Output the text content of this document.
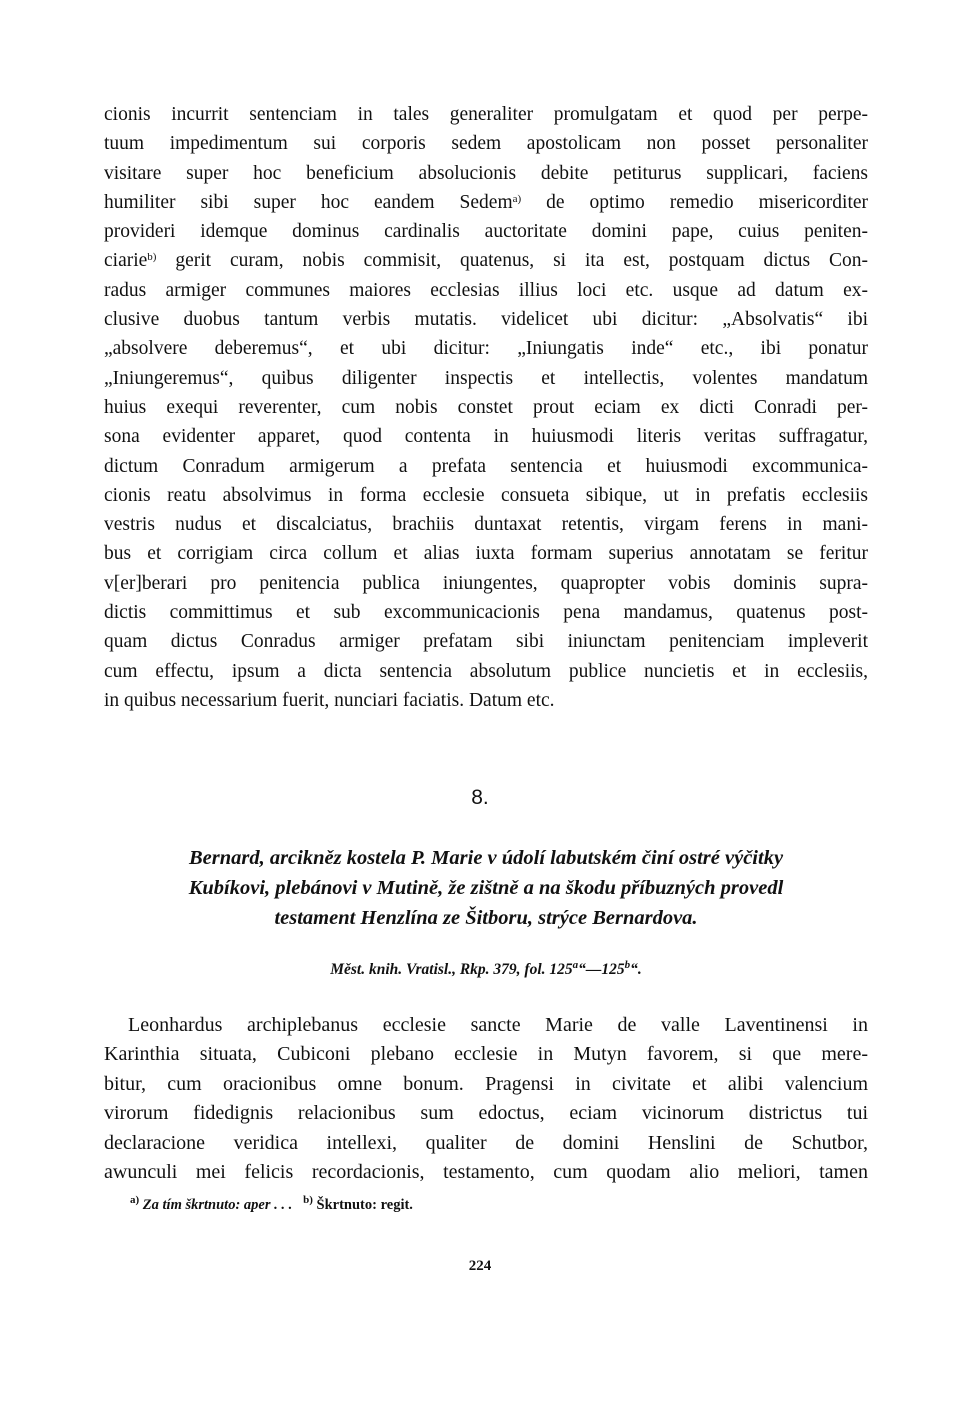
cionis incurrit sentenciam in tales generaliter promulgatam et quod per perpe-
tuum impedimentum sui corporis sedem apostolicam non posset personaliter
visitare super hoc beneficium absolucionis debite petiturus supplicari, faciens
humiliter sibi super hoc eandem Sedem$^{a)}$ de optimo remedio misericorditer
provideri idemque dominus cardinalis auctoritate domini pape, cuius peniten-
ciarie$^{b)}$ gerit curam, nobis commisit, quatenus, si ita est, postquam dictus Con-
radus armiger communes maiores ecclesias illius loci etc. usque ad datum ex-
clusive duobus tantum verbis mutatis. videlicet ubi dicitur: „Absolvatis“ ibi
„absolvere deberemus“, et ubi dicitur: „Iniungatis inde“ etc., ibi ponatur
„Iniungeremus“, quibus diligenter inspectis et intellectis, volentes mandatum
huius exequi reverenter, cum nobis constet prout eciam ex dicti Conradi per-
sona evidenter apparet, quod contenta in huiusmodi literis veritas suffragatur,
dictum Conradum armigerum a prefata sentencia et huiusmodi excommunica-
cionis reatu absolvimus in forma ecclesie consueta sibique, ut in prefatis ecclesiis
vestris nudus et discalciatus, brachiis duntaxat retentis, virgam ferens in mani-
bus et corrigiam circa collum et alias iuxta formam superius annotatam se feritur
v[er]berari pro penitencia publica iniungentes, quapropter vobis dominis supra-
dictis committimus et sub excommunicacionis pena mandamus, quatenus post-
quam dictus Conradus armiger prefatam sibi iniunctam penitenciam impleverit
cum effectu, ipsum a dicta sentencia absolutum publice nuncietis et in ecclesiis,
in quibus necessarium fuerit, nunciari faciatis. Datum etc.
8.
Bernard, arcikněz kostela P. Marie v údolí labutském činí ostré výčitky
Kubíkovi, plebánovi v Mutině, že zištně a na škodu příbuzných provedl
testament Henzlína ze Šitboru, strýce Bernardova.
Měst. knih. Vratisl., Rkp. 379, fol. 125$^a$“—125$^b$“.
Leonhardus archiplebanus ecclesie sancte Marie de valle Laventinensi in
Karinthia situata, Cubiconi plebano ecclesie in Mutyn favorem, si que mere-
bitur, cum oracionibus omne bonum. Pragensi in civitate et alibi valencium
virorum fidedignis relacionibus sum edoctus, eciam vicinorum districtus tui
declaracione veridica intellexi, qualiter de domini Henslini de Schutbor,
awunculi mei felicis recordacionis, testamento, cum quodam alio meliori, tamen
$^{a)}$ Za tím škrtnuto: aper . . . $^{b)}$ Škrtnuto: regit.
224
